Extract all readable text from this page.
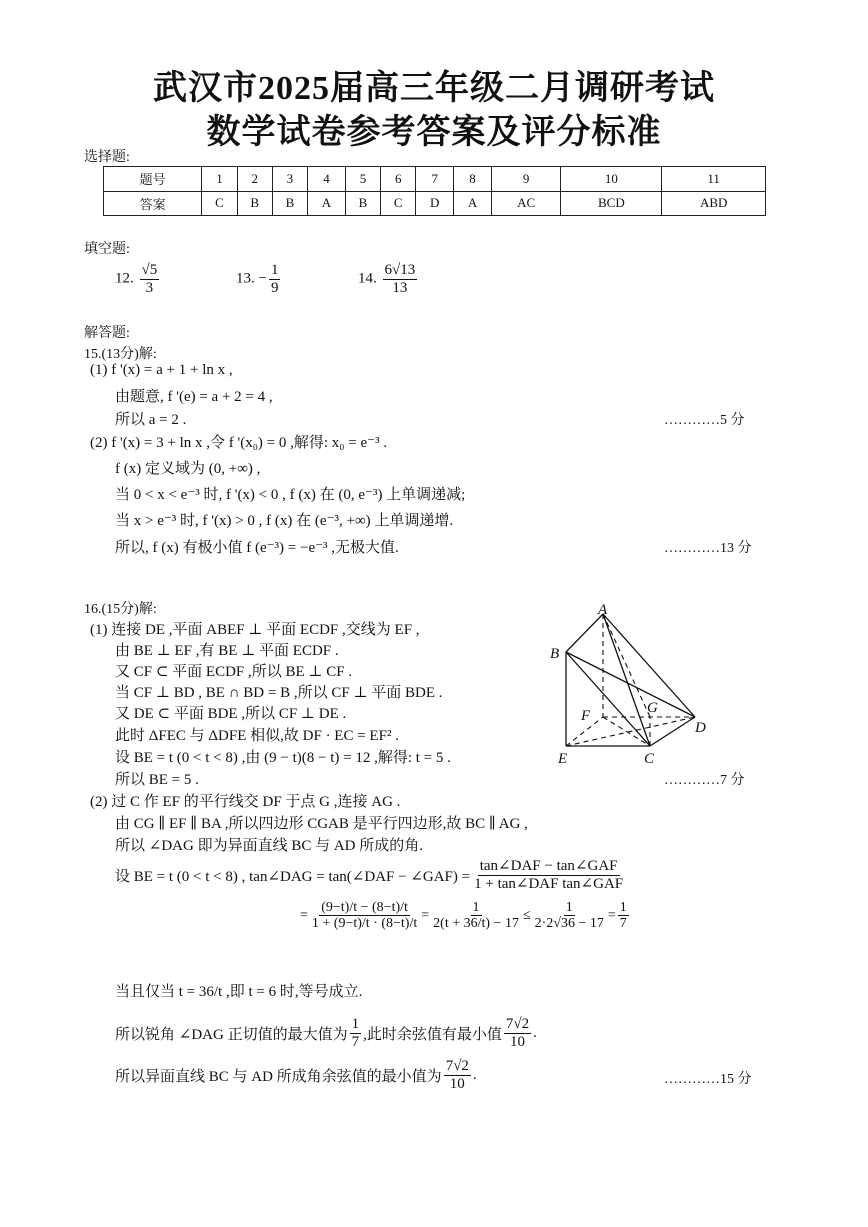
武汉市2025届高三年级二月调研考试
数学试卷参考答案及评分标准
选择题:
题号	1	2	3	4	5	6	7	8	9	10	11
答案	C	B	B	A	B	C	D	A	AC	BCD	ABD
填空题:
12. $\frac{√5}{3}$	13. − $\frac{1}{9}$	14. $\frac{6√13}{13}$
解答题:
15.(13分)解:
(1) f '(x) = a + 1 + ln x ,
由题意, f '(e) = a + 2 = 4 ,
所以 a = 2 .	…………5 分
(2) f '(x) = 3 + ln x ,令 f '(x₀) = 0 ,解得: x₀ = e⁻³ .
f (x) 定义域为 (0, +∞) ,
当 0 < x < e⁻³ 时, f '(x) < 0 , f (x) 在 (0, e⁻³) 上单调递减;
当 x > e⁻³ 时, f '(x) > 0 , f (x) 在 (e⁻³, +∞) 上单调递增.
所以, f (x) 有极小值 f (e⁻³) = −e⁻³ ,无极大值.	…………13 分
16.(15分)解:
(1) 连接 DE ,平面 ABEF ⊥ 平面 ECDF ,交线为 EF ,
由 BE ⊥ EF ,有 BE ⊥ 平面 ECDF .
又 CF ⊂ 平面 ECDF ,所以 BE ⊥ CF .
当 CF ⊥ BD , BE ∩ BD = B ,所以 CF ⊥ 平面 BDE .
又 DE ⊂ 平面 BDE ,所以 CF ⊥ DE .
此时 ΔFEC 与 ΔDFE 相似,故 DF · EC = EF² .
设 BE = t (0 < t < 8) ,由 (9 − t)(8 − t) = 12 ,解得: t = 5 .
所以 BE = 5 .	…………7 分
A
B
F	G
D
E	C
(2) 过 C 作 EF 的平行线交 DF 于点 G ,连接 AG .
由 CG ∥ EF ∥ BA ,所以四边形 CGAB 是平行四边形,故 BC ∥ AG ,
所以 ∠DAG 即为异面直线 BC 与 AD 所成的角.
设 BE = t (0 < t < 8) , tan∠DAG = tan(∠DAF − ∠GAF) = $\frac{\text{tan∠DAF − tan∠GAF}}{\text{1 + tan∠DAF tan∠GAF}}$
= $\frac{(9-t)/t - (8-t)/t}{1 + (9-t)/t \cdot (8-t)/t} = \frac{1}{2(t + 36/t) - 17} \le \frac{1}{2\cdot 2√36 - 17} = \frac{1}{7}$
当且仅当 t = 36/t ,即 t = 6 时,等号成立.
所以锐角 ∠DAG 正切值的最大值为 $\frac{1}{7}$ ,此时余弦值有最小值 $\frac{7√2}{10}$ .
所以异面直线 BC 与 AD 所成角余弦值的最小值为 $\frac{7√2}{10}$ .	…………15 分
